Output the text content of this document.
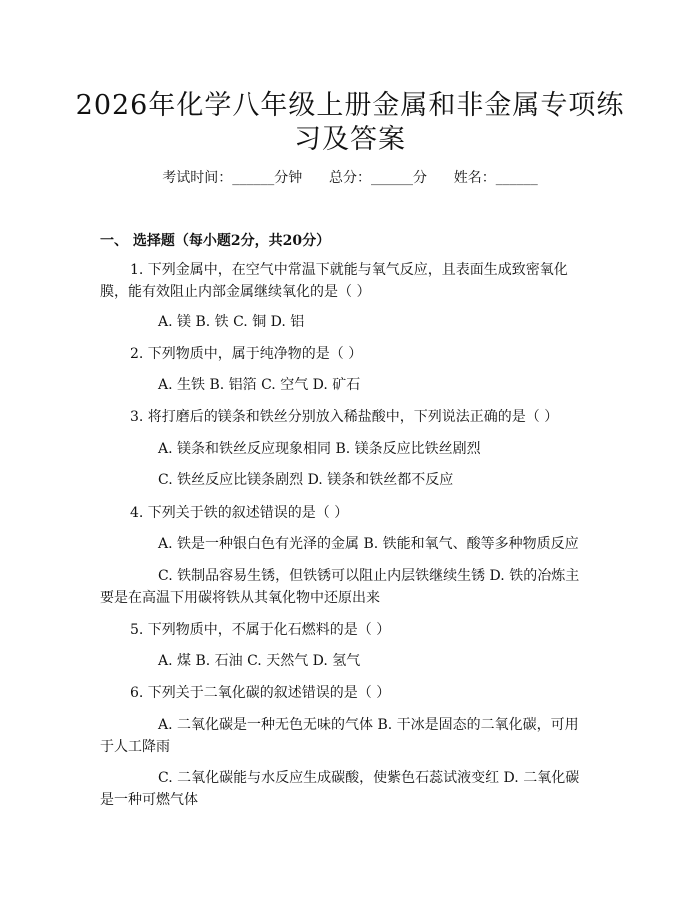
2026年化学八年级上册金属和非金属专项练
习及答案
考试时间：______分钟      总分：______分      姓名：______
一、 选择题（每小题2分，共20分）
1. 下列金属中，在空气中常温下就能与氧气反应，且表面生成致密氧化膜，能有效阻止内部金属继续氧化的是（ ）
A. 镁 B. 铁 C. 铜 D. 铝
2. 下列物质中，属于纯净物的是（ ）
A. 生铁 B. 铝箔 C. 空气 D. 矿石
3. 将打磨后的镁条和铁丝分别放入稀盐酸中，下列说法正确的是（ ）
A. 镁条和铁丝反应现象相同 B. 镁条反应比铁丝剧烈
C. 铁丝反应比镁条剧烈 D. 镁条和铁丝都不反应
4. 下列关于铁的叙述错误的是（ ）
A. 铁是一种银白色有光泽的金属 B. 铁能和氧气、酸等多种物质反应
C. 铁制品容易生锈，但铁锈可以阻止内层铁继续生锈 D. 铁的冶炼主要是在高温下用碳将铁从其氧化物中还原出来
5. 下列物质中，不属于化石燃料的是（ ）
A. 煤 B. 石油 C. 天然气 D. 氢气
6. 下列关于二氧化碳的叙述错误的是（ ）
A. 二氧化碳是一种无色无味的气体 B. 干冰是固态的二氧化碳，可用于人工降雨
C. 二氧化碳能与水反应生成碳酸，使紫色石蕊试液变红 D. 二氧化碳是一种可燃气体
